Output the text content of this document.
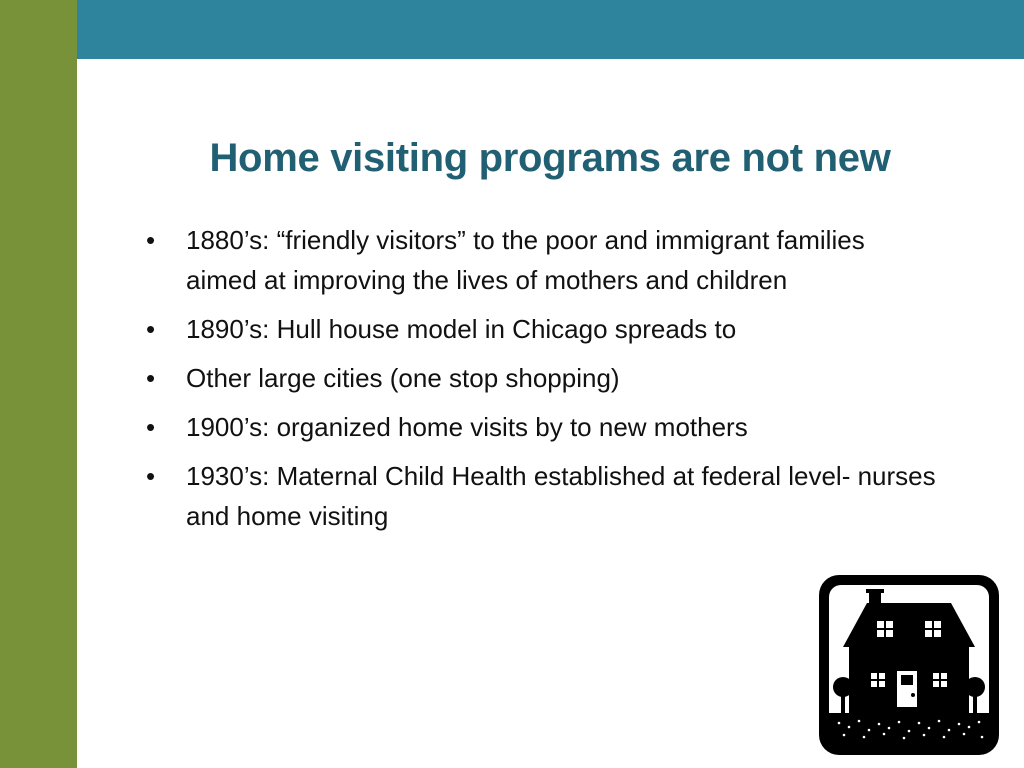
Home visiting programs are not new
•	1880’s: “friendly visitors” to the poor and immigrant families aimed at improving the lives of mothers and children
•	1890’s: Hull house model in Chicago spreads to
•	Other large cities (one stop shopping)
•	1900’s: organized home visits by to new mothers
•	1930’s: Maternal Child Health established at federal level- nurses and home visiting
